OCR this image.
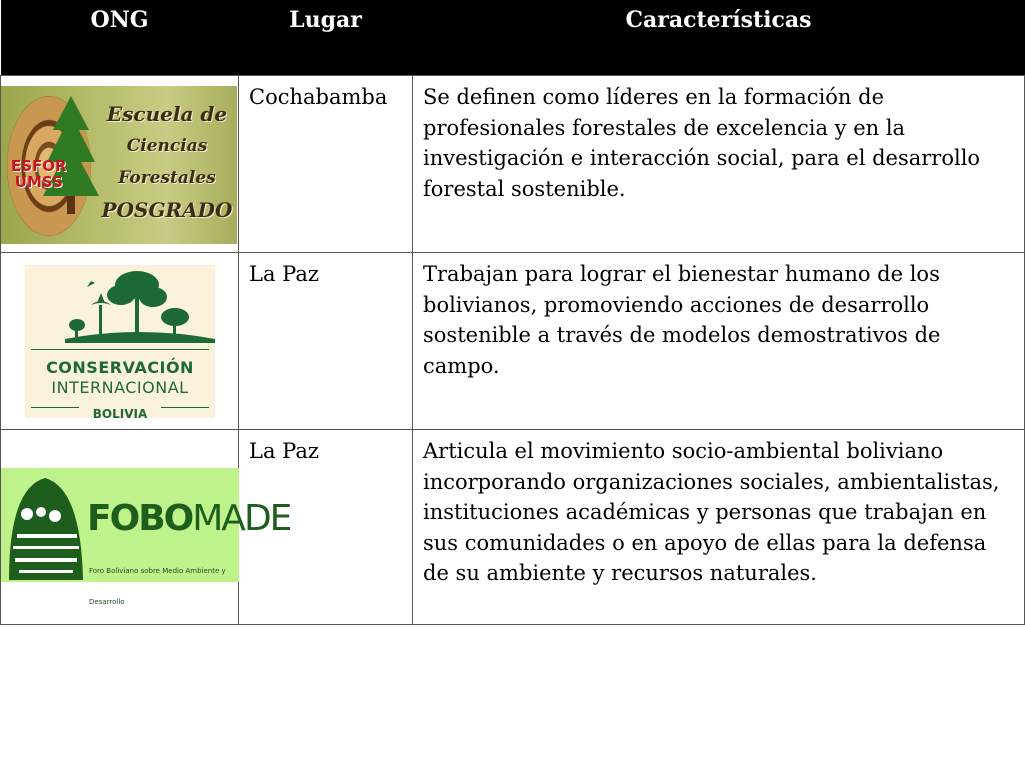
ONG	Lugar	Características

ESFOR
UMSS
Escuela de
Ciencias Forestales
POSGRADO	Cochabamba	Se definen como líderes en la formación de profesionales forestales de excelencia y en la investigación e interacción social, para el desarrollo forestal sostenible.

CONSERVACIÓN
INTERNACIONAL
BOLIVIA	La Paz	Trabajan para lograr el bienestar humano de los bolivianos, promoviendo acciones de desarrollo sostenible a través de modelos demostrativos de campo.

FOBOMADE
Foro Boliviano sobre Medio Ambiente y Desarrollo	La Paz	Articula el movimiento socio-ambiental boliviano incorporando organizaciones sociales, ambientalistas, instituciones académicas y personas que trabajan en sus comunidades o en apoyo de ellas para la defensa de su ambiente y recursos naturales.
